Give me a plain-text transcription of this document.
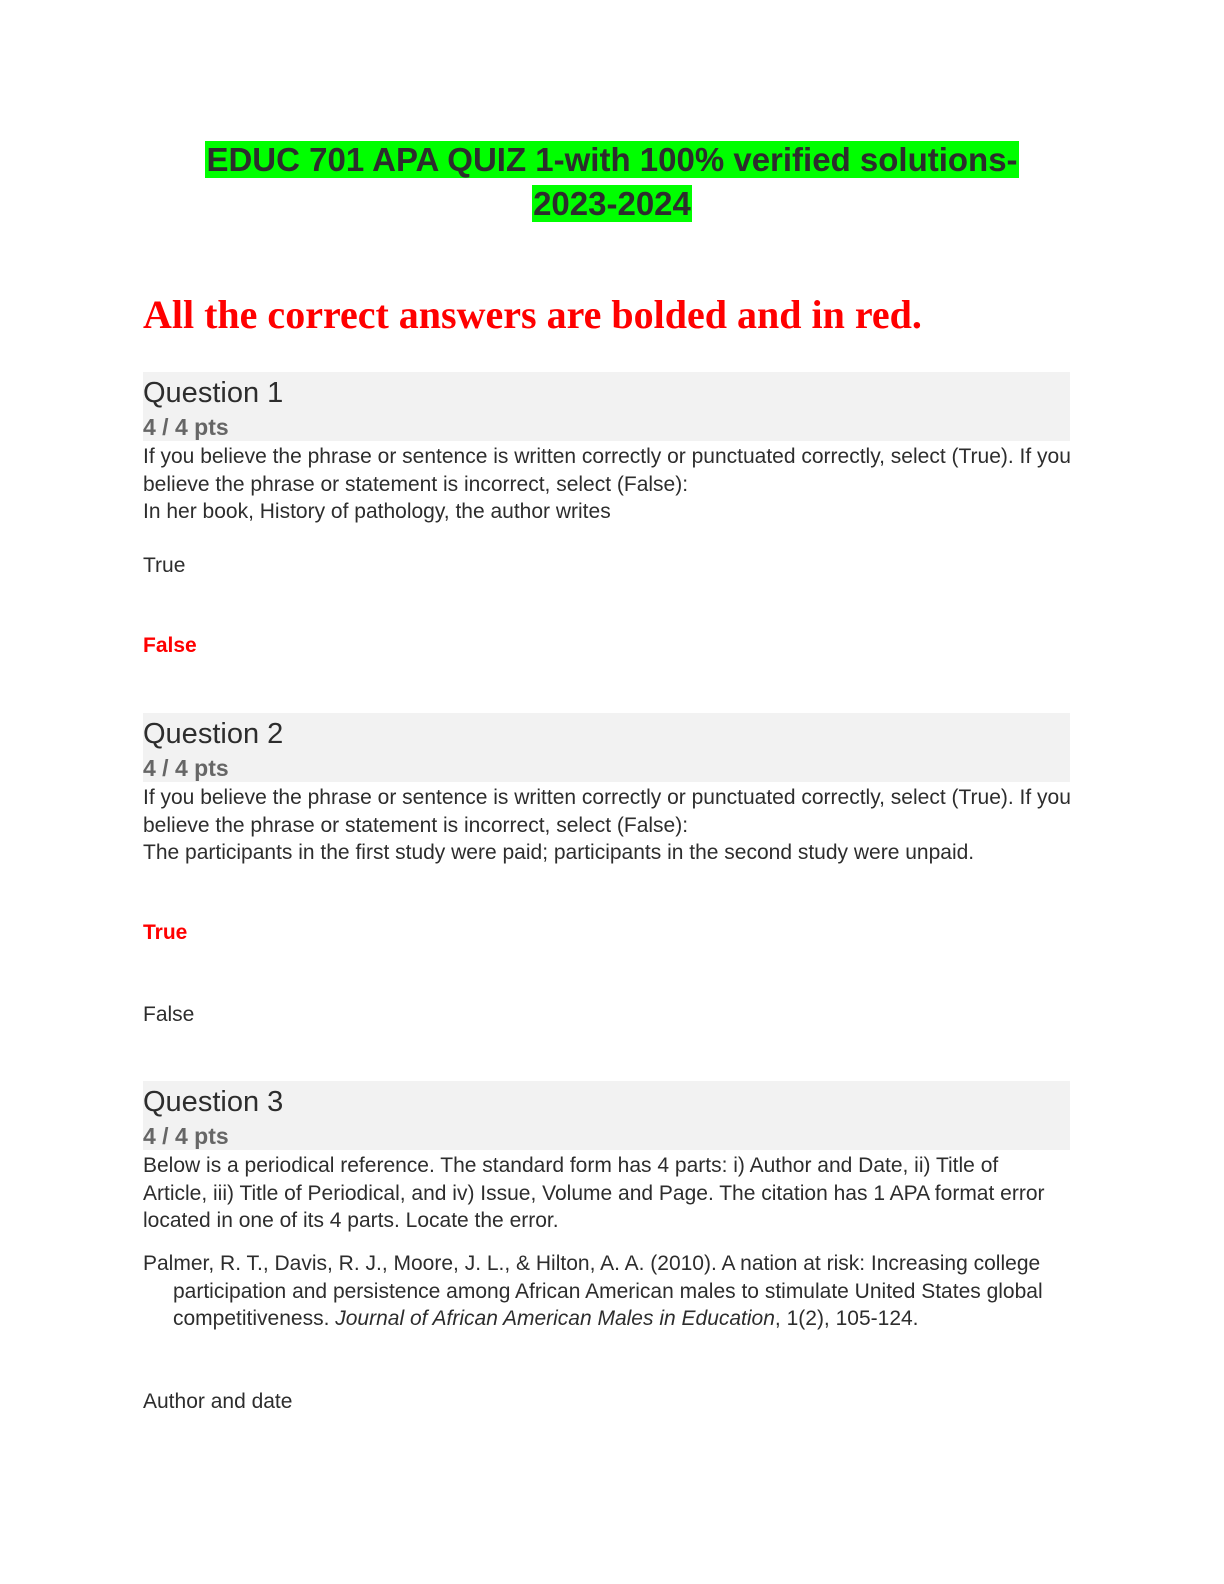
EDUC 701 APA QUIZ 1-with 100% verified solutions-
2023-2024
All the correct answers are bolded and in red.
Question 1
4 / 4 pts

If you believe the phrase or sentence is written correctly or punctuated correctly, select (True). If you believe the phrase or statement is incorrect, select (False):

In her book, History of pathology, the author writes

True
False
Question 2
4 / 4 pts

If you believe the phrase or sentence is written correctly or punctuated correctly, select (True). If you believe the phrase or statement is incorrect, select (False):

The participants in the first study were paid; participants in the second study were unpaid.

True
False
Question 3
4 / 4 pts
Below is a periodical reference. The standard form has 4 parts: i) Author and Date, ii) Title of Article, iii) Title of Periodical, and iv) Issue, Volume and Page. The citation has 1 APA format error located in one of its 4 parts. Locate the error.
Palmer, R. T., Davis, R. J., Moore, J. L., & Hilton, A. A. (2010). A nation at risk: Increasing college participation and persistence among African American males to stimulate United States global competitiveness. Journal of African American Males in Education, 1(2), 105-124.
Author and date
